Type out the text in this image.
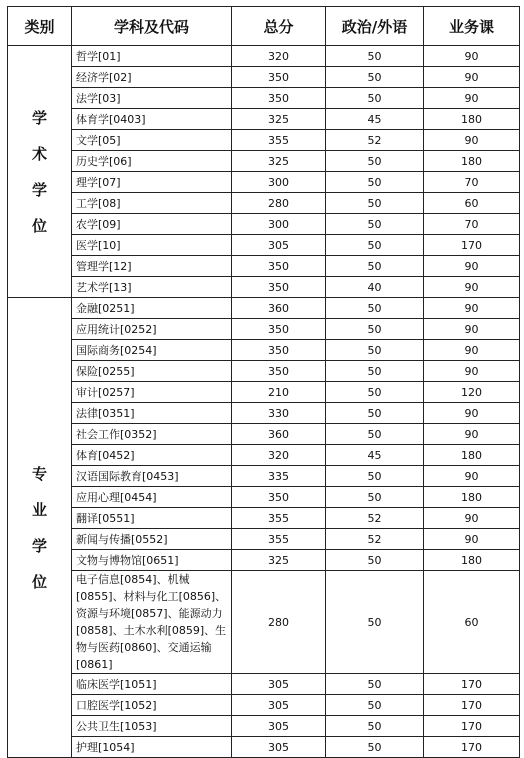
类别	学科及代码	总分	政治/外语	业务课

学
术
学
位	哲学[01]	320	50	90
	经济学[02]	350	50	90
	法学[03]	350	50	90
	体育学[0403]	325	45	180
	文学[05]	355	52	90
	历史学[06]	325	50	180
	理学[07]	300	50	70
	工学[08]	280	50	60
	农学[09]	300	50	70
	医学[10]	305	50	170
	管理学[12]	350	50	90
	艺术学[13]	350	40	90

专
业
学
位	金融[0251]	360	50	90
	应用统计[0252]	350	50	90
	国际商务[0254]	350	50	90
	保险[0255]	350	50	90
	审计[0257]	210	50	120
	法律[0351]	330	50	90
	社会工作[0352]	360	50	90
	体育[0452]	320	45	180
	汉语国际教育[0453]	335	50	90
	应用心理[0454]	350	50	180
	翻译[0551]	355	52	90
	新闻与传播[0552]	355	52	90
	文物与博物馆[0651]	325	50	180
	电子信息[0854]、机械[0855]、材料与化工[0856]、资源与环境[0857]、能源动力[0858]、土木水利[0859]、生物与医药[0860]、交通运输[0861]	280	50	60
	临床医学[1051]	305	50	170
	口腔医学[1052]	305	50	170
	公共卫生[1053]	305	50	170
	护理[1054]	305	50	170
